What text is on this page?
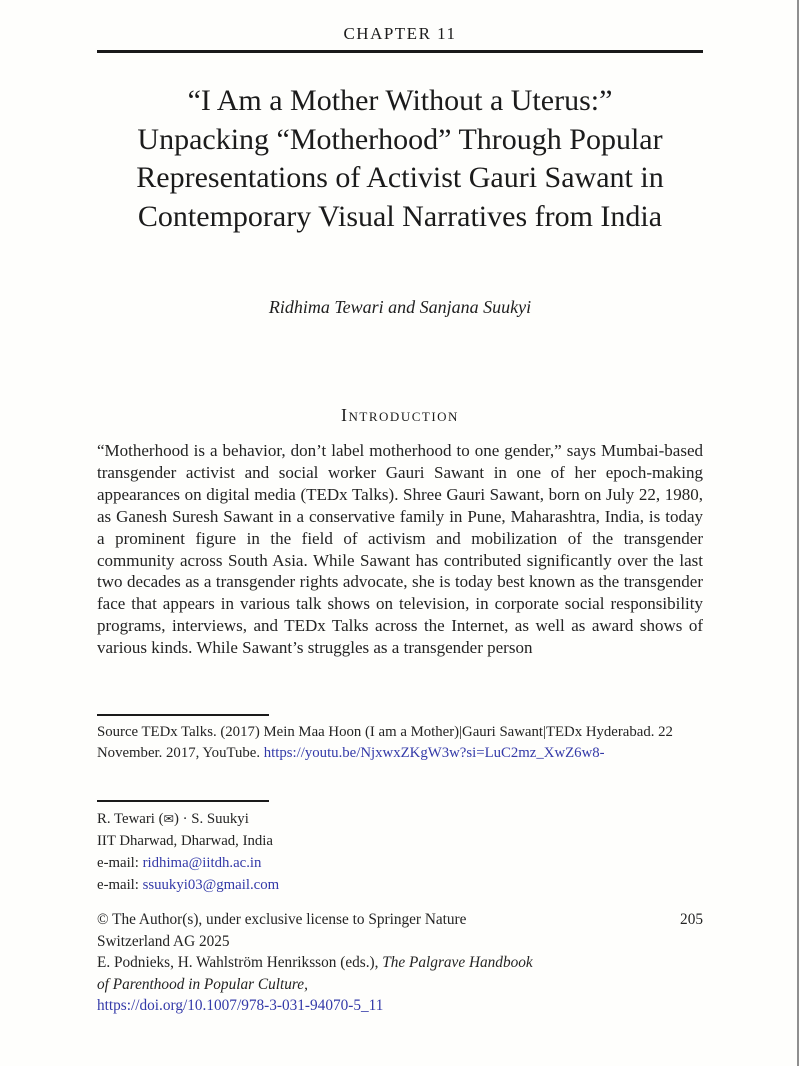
CHAPTER 11
“I Am a Mother Without a Uterus:”
Unpacking “Motherhood” Through Popular
Representations of Activist Gauri Sawant in
Contemporary Visual Narratives from India
Ridhima Tewari and Sanjana Suukyi
Introduction
“Motherhood is a behavior, don’t label motherhood to one gender,” says Mumbai-based transgender activist and social worker Gauri Sawant in one of her epoch-making appearances on digital media (TEDx Talks). Shree Gauri Sawant, born on July 22, 1980, as Ganesh Suresh Sawant in a conservative family in Pune, Maharashtra, India, is today a prominent figure in the field of activism and mobilization of the transgender community across South Asia. While Sawant has contributed significantly over the last two decades as a transgender rights advocate, she is today best known as the transgender face that appears in various talk shows on television, in corporate social responsibility programs, interviews, and TEDx Talks across the Internet, as well as award shows of various kinds. While Sawant’s struggles as a transgender person
Source TEDx Talks. (2017) Mein Maa Hoon (I am a Mother)|Gauri Sawant|TEDx Hyderabad. 22 November. 2017, YouTube. https://youtu.be/NjxwxZKgW3w?si=LuC2mz_XwZ6w8-
R. Tewari (✉) · S. Suukyi
IIT Dharwad, Dharwad, India
e-mail: ridhima@iitdh.ac.in
e-mail: ssuukyi03@gmail.com
© The Author(s), under exclusive license to Springer Nature
Switzerland AG 2025
E. Podnieks, H. Wahlström Henriksson (eds.), The Palgrave Handbook
of Parenthood in Popular Culture,
https://doi.org/10.1007/978-3-031-94070-5_11
205
